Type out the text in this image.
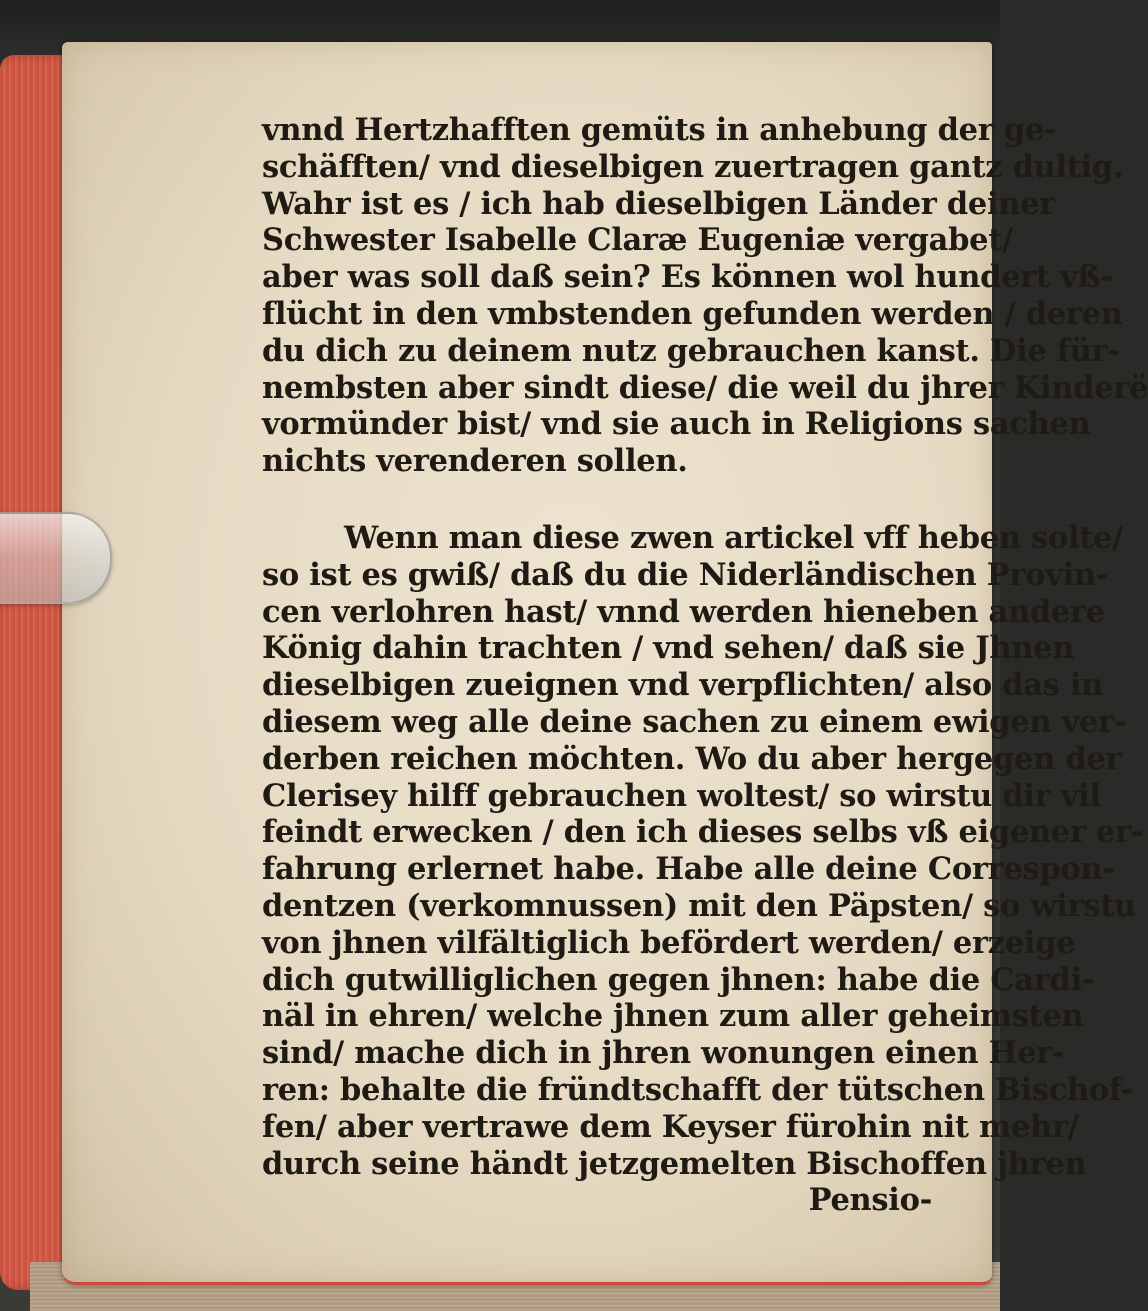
vnnd Hertzhafften gemüts in anhebung der ge-
schäfften/ vnd dieselbigen zuertragen gantz dultig.
Wahr ist es / ich hab dieselbigen Länder deiner
Schwester Isabelle Claræ Eugeniæ vergabet/
aber was soll daß sein? Es können wol hundert vß-
flücht in den vmbstenden gefunden werden / deren
du dich zu deinem nutz gebrauchen kanst. Die für-
nembsten aber sindt diese/ die weil du jhrer Kinderë
vormünder bist/ vnd sie auch in Religions sachen
nichts verenderen sollen.
Wenn man diese zwen artickel vff heben solte/
so ist es gwiß/ daß du die Niderländischen Provin-
cen verlohren hast/ vnnd werden hieneben andere
König dahin trachten / vnd sehen/ daß sie Jhnen
dieselbigen zueignen vnd verpflichten/ also das in
diesem weg alle deine sachen zu einem ewigen ver-
derben reichen möchten. Wo du aber hergegen der
Clerisey hilff gebrauchen woltest/ so wirstu dir vil
feindt erwecken / den ich dieses selbs vß eigener er-
fahrung erlernet habe. Habe alle deine Correspon-
dentzen (verkomnussen) mit den Päpsten/ so wirstu
von jhnen vilfältiglich befördert werden/ erzeige
dich gutwilliglichen gegen jhnen: habe die Cardi-
näl in ehren/ welche jhnen zum aller geheimsten
sind/ mache dich in jhren wonungen einen Her-
ren: behalte die fründtschafft der tütschen Bischof-
fen/ aber vertrawe dem Keyser fürohin nit mehr/
durch seine händt jetzgemelten Bischoffen jhren
Pensio-
